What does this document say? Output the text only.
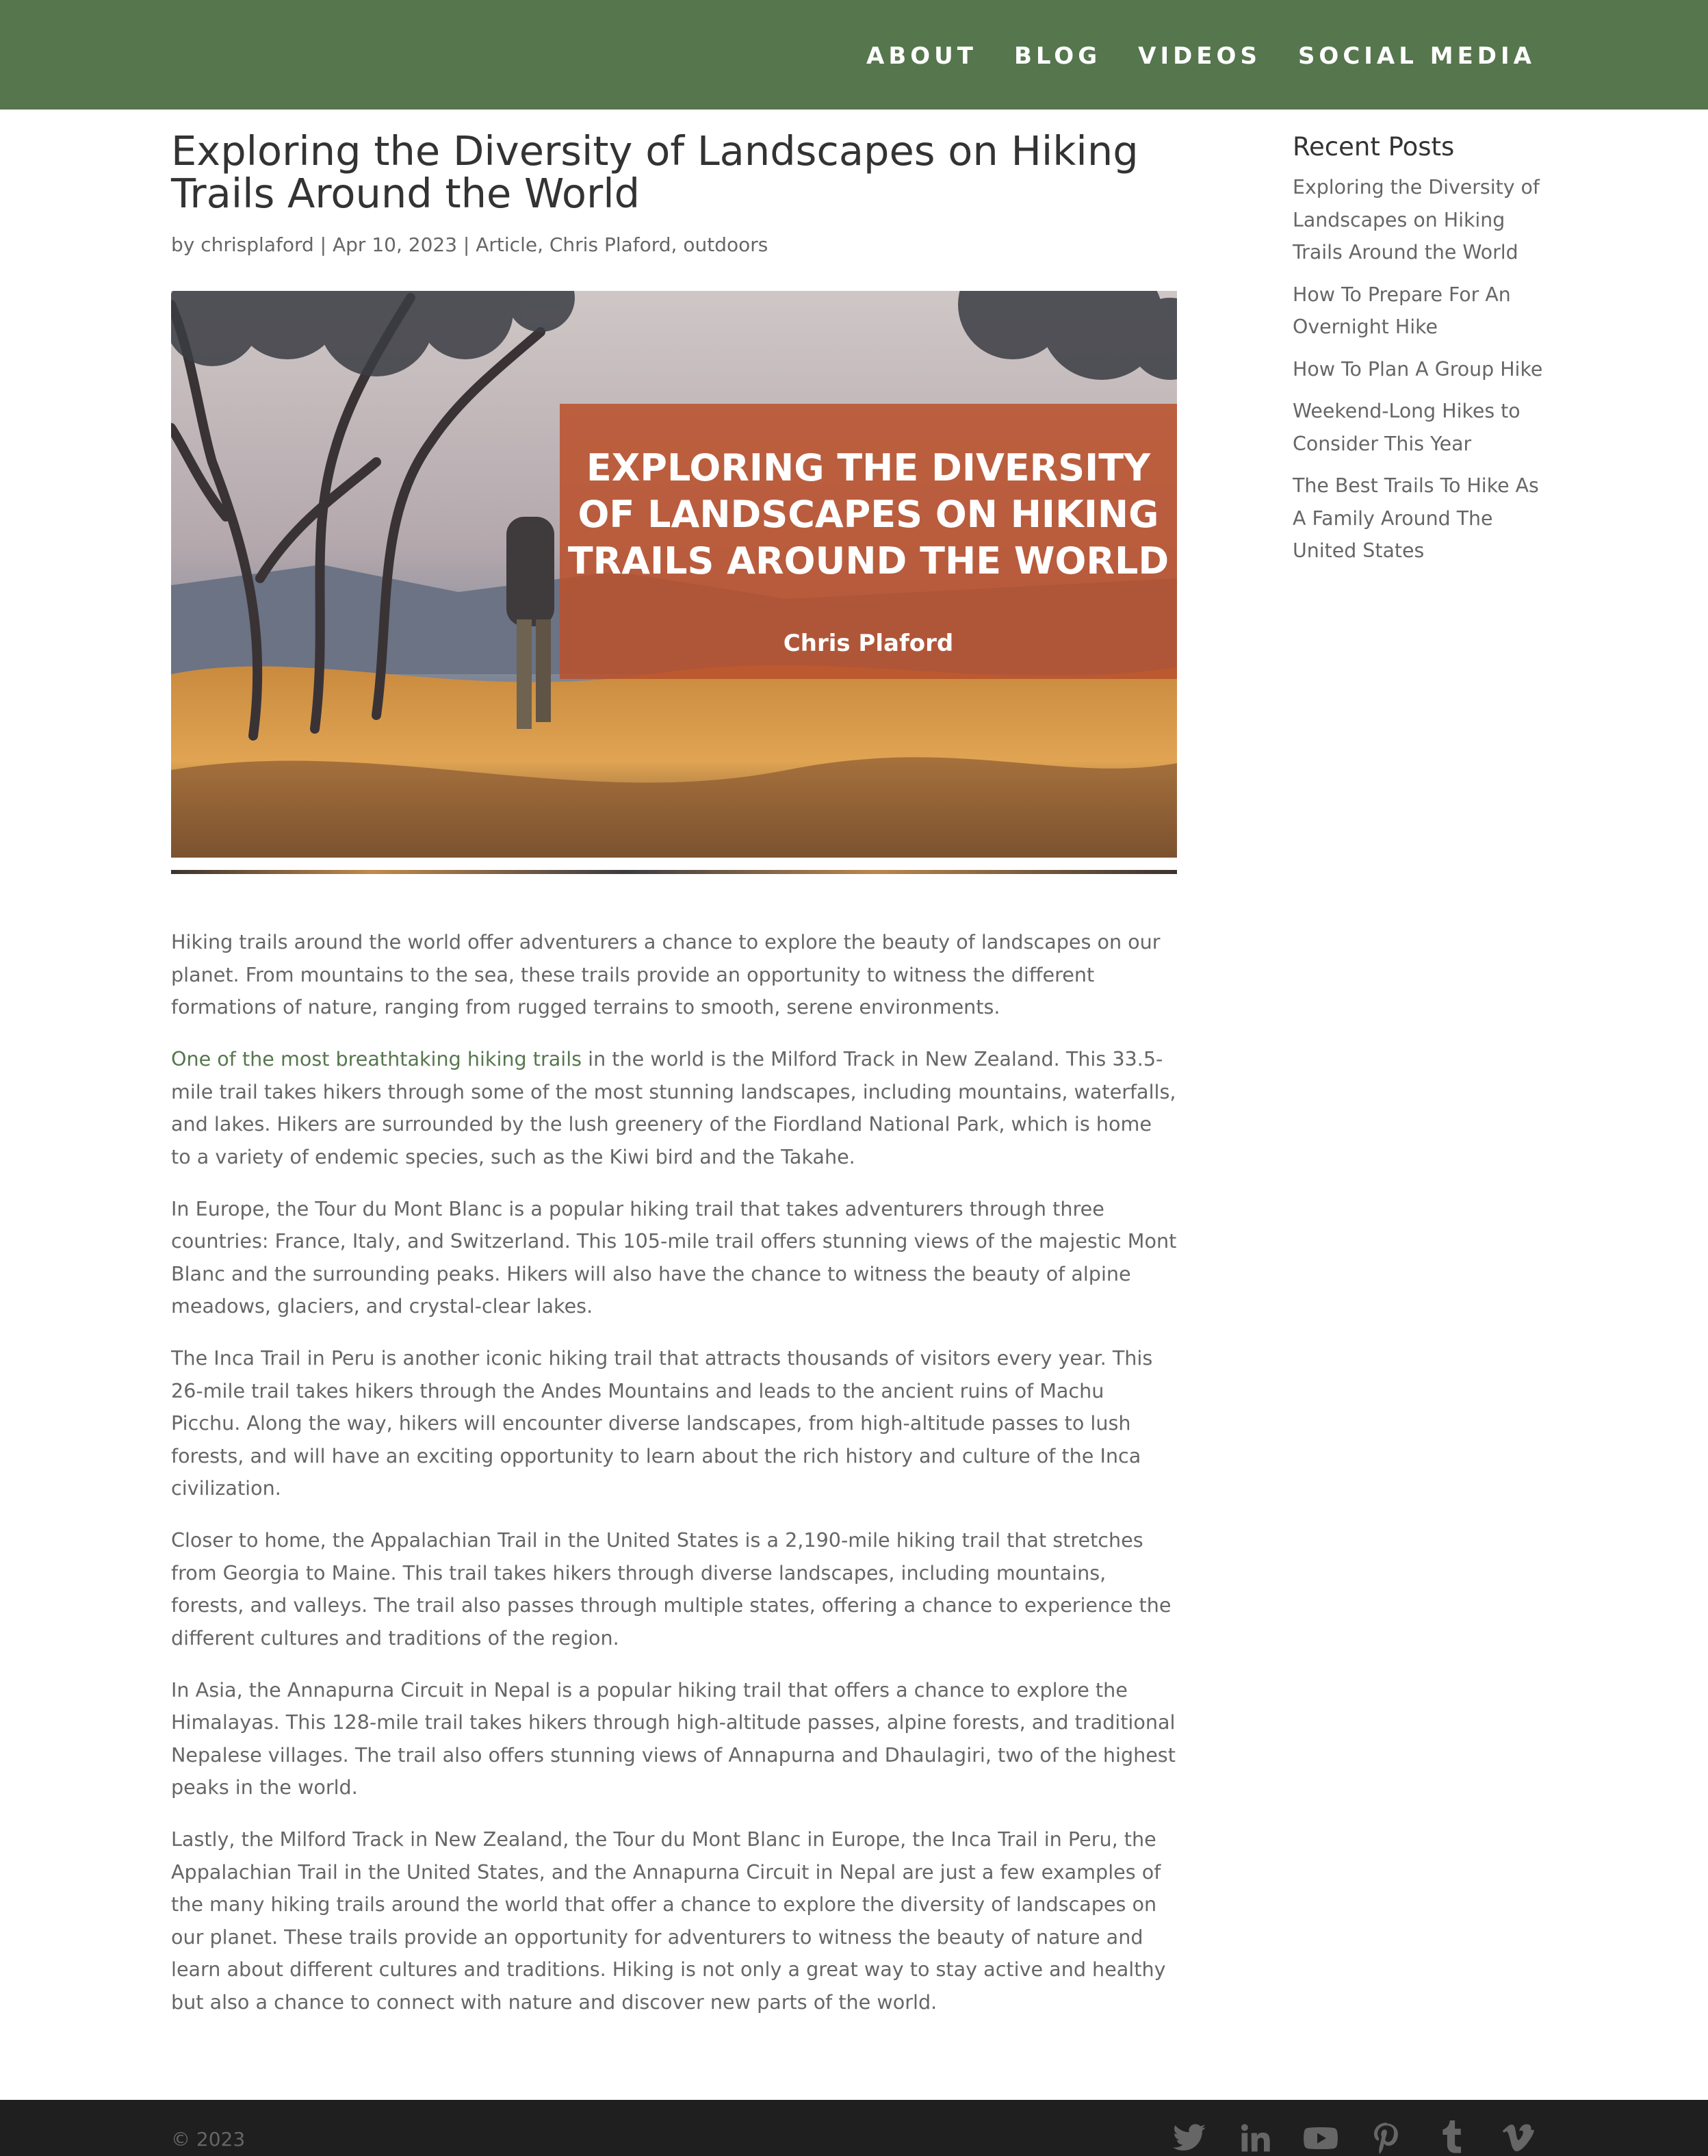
ABOUT BLOG VIDEOS SOCIAL MEDIA
Exploring the Diversity of Landscapes on Hiking Trails Around the World
by chrisplaford | Apr 10, 2023 | Article, Chris Plaford, outdoors
EXPLORING THE DIVERSITY OF LANDSCAPES ON HIKING TRAILS AROUND THE WORLD
Chris Plaford

Hiking trails around the world offer adventurers a chance to explore the beauty of landscapes on our planet. From mountains to the sea, these trails provide an opportunity to witness the different formations of nature, ranging from rugged terrains to smooth, serene environments.

One of the most breathtaking hiking trails in the world is the Milford Track in New Zealand. This 33.5-mile trail takes hikers through some of the most stunning landscapes, including mountains, waterfalls, and lakes. Hikers are surrounded by the lush greenery of the Fiordland National Park, which is home to a variety of endemic species, such as the Kiwi bird and the Takahe.

In Europe, the Tour du Mont Blanc is a popular hiking trail that takes adventurers through three countries: France, Italy, and Switzerland. This 105-mile trail offers stunning views of the majestic Mont Blanc and the surrounding peaks. Hikers will also have the chance to witness the beauty of alpine meadows, glaciers, and crystal-clear lakes.

The Inca Trail in Peru is another iconic hiking trail that attracts thousands of visitors every year. This 26-mile trail takes hikers through the Andes Mountains and leads to the ancient ruins of Machu Picchu. Along the way, hikers will encounter diverse landscapes, from high-altitude passes to lush forests, and will have an exciting opportunity to learn about the rich history and culture of the Inca civilization.

Closer to home, the Appalachian Trail in the United States is a 2,190-mile hiking trail that stretches from Georgia to Maine. This trail takes hikers through diverse landscapes, including mountains, forests, and valleys. The trail also passes through multiple states, offering a chance to experience the different cultures and traditions of the region.

In Asia, the Annapurna Circuit in Nepal is a popular hiking trail that offers a chance to explore the Himalayas. This 128-mile trail takes hikers through high-altitude passes, alpine forests, and traditional Nepalese villages. The trail also offers stunning views of Annapurna and Dhaulagiri, two of the highest peaks in the world.

Lastly, the Milford Track in New Zealand, the Tour du Mont Blanc in Europe, the Inca Trail in Peru, the Appalachian Trail in the United States, and the Annapurna Circuit in Nepal are just a few examples of the many hiking trails around the world that offer a chance to explore the diversity of landscapes on our planet. These trails provide an opportunity for adventurers to witness the beauty of nature and learn about different cultures and traditions. Hiking is not only a great way to stay active and healthy but also a chance to connect with nature and discover new parts of the world.

Recent Posts
Exploring the Diversity of Landscapes on Hiking Trails Around the World
How To Prepare For An Overnight Hike
How To Plan A Group Hike
Weekend-Long Hikes to Consider This Year
The Best Trails To Hike As A Family Around The United States
© 2023
